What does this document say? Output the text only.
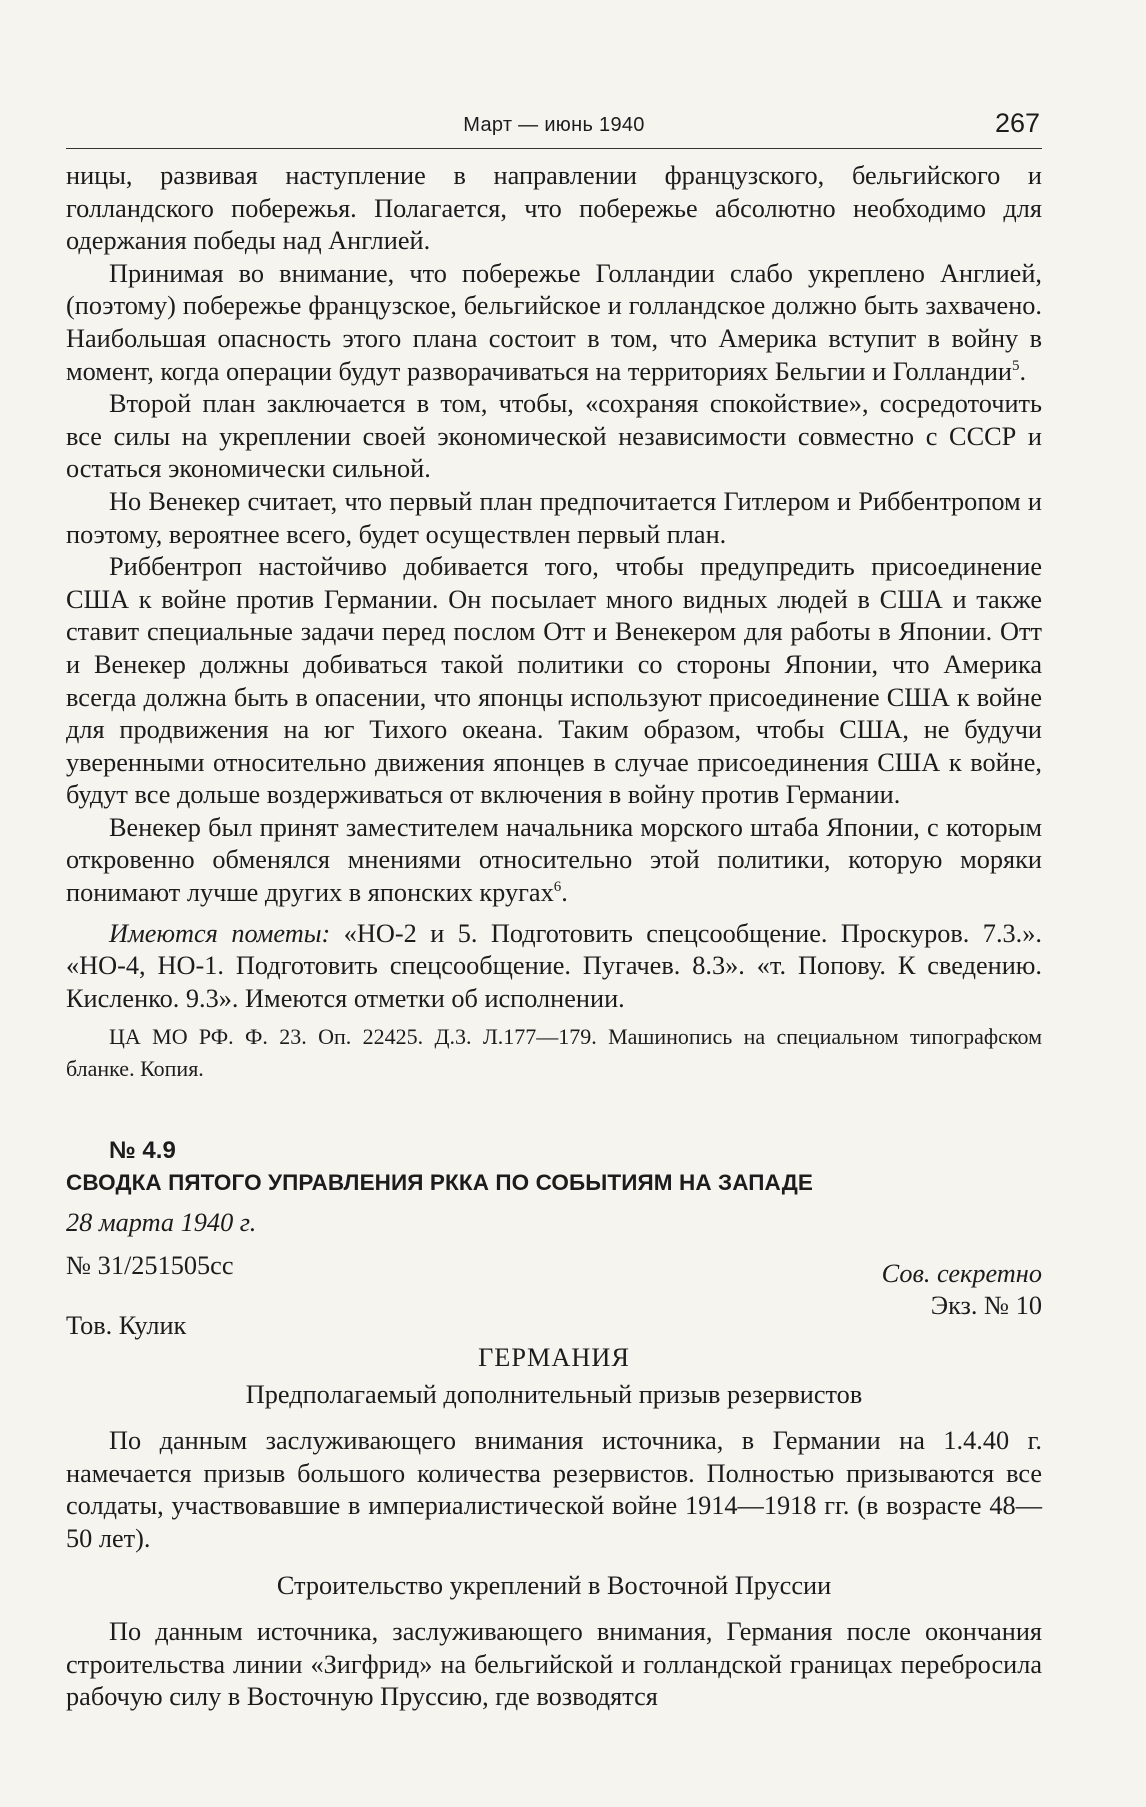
Март — июнь 1940	267

ницы, развивая наступление в направлении французского, бельгийского и голландского побережья. Полагается, что побережье абсолютно необходимо для одержания победы над Англией.

Принимая во внимание, что побережье Голландии слабо укреплено Англией, (поэтому) побережье французское, бельгийское и голландское должно быть захвачено. Наибольшая опасность этого плана состоит в том, что Америка вступит в войну в момент, когда операции будут разворачиваться на территориях Бельгии и Голландии$^5$.

Второй план заключается в том, чтобы, «сохраняя спокойствие», сосредоточить все силы на укреплении своей экономической независимости совместно с СССР и остаться экономически сильной.

Но Венекер считает, что первый план предпочитается Гитлером и Риббентропом и поэтому, вероятнее всего, будет осуществлен первый план.

Риббентроп настойчиво добивается того, чтобы предупредить присоединение США к войне против Германии. Он посылает много видных людей в США и также ставит специальные задачи перед послом Отт и Венекером для работы в Японии. Отт и Венекер должны добиваться такой политики со стороны Японии, что Америка всегда должна быть в опасении, что японцы используют присоединение США к войне для продвижения на юг Тихого океана. Таким образом, чтобы США, не будучи уверенными относительно движения японцев в случае присоединения США к войне, будут все дольше воздерживаться от включения в войну против Германии.

Венекер был принят заместителем начальника морского штаба Японии, с которым откровенно обменялся мнениями относительно этой политики, которую моряки понимают лучше других в японских кругах$^6$.

Имеются пометы: «НО-2 и 5. Подготовить спецсообщение. Проскуров. 7.3.». «НО-4, НО-1. Подготовить спецсообщение. Пугачев. 8.3». «т. Попову. К сведению. Кисленко. 9.3». Имеются отметки об исполнении.

ЦА МО РФ. Ф. 23. Оп. 22425. Д.3. Л.177—179. Машинопись на специальном типографском бланке. Копия.

№ 4.9
СВОДКА ПЯТОГО УПРАВЛЕНИЯ РККА ПО СОБЫТИЯМ НА ЗАПАДЕ
28 марта 1940 г.
№ 31/251505сс	Сов. секретно
Экз. № 10
Тов. Кулик

ГЕРМАНИЯ

Предполагаемый дополнительный призыв резервистов

По данным заслуживающего внимания источника, в Германии на 1.4.40 г. намечается призыв большого количества резервистов. Полностью призываются все солдаты, участвовавшие в империалистической войне 1914—1918 гг. (в возрасте 48—50 лет).

Строительство укреплений в Восточной Пруссии

По данным источника, заслуживающего внимания, Германия после окончания строительства линии «Зигфрид» на бельгийской и голландской границах перебросила рабочую силу в Восточную Пруссию, где возводятся
